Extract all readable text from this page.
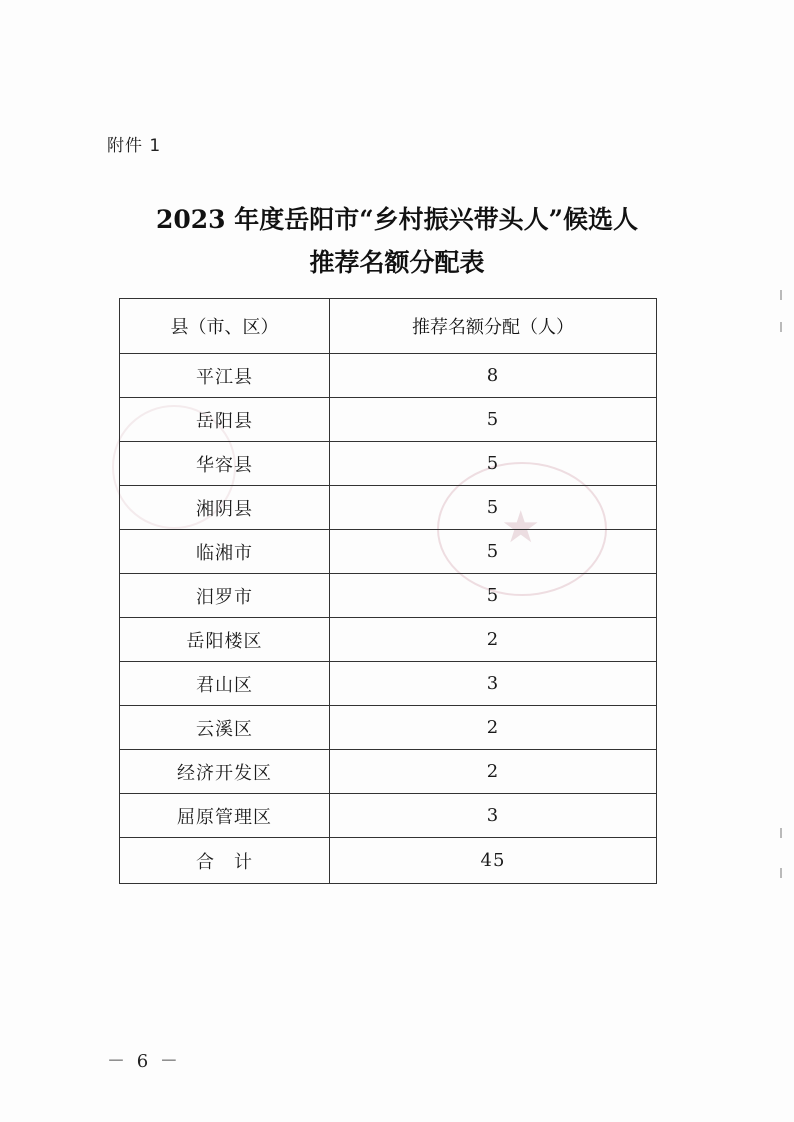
★
附件 1
2023 年度岳阳市“乡村振兴带头人”候选人
推荐名额分配表
县（市、区）	推荐名额分配（人）
平江县	8
岳阳县	5
华容县	5
湘阴县	5
临湘市	5
汨罗市	5
岳阳楼区	2
君山区	3
云溪区	2
经济开发区	2
屈原管理区	3
合　计	45
－ 6 －
